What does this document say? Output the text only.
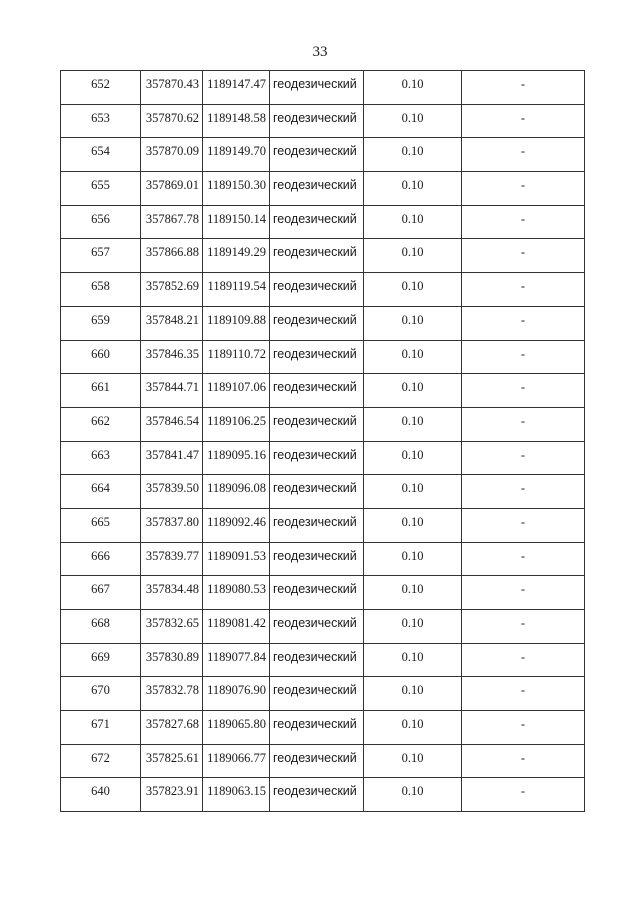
33
652	357870.43	1189147.47	геодезический	0.10	-
653	357870.62	1189148.58	геодезический	0.10	-
654	357870.09	1189149.70	геодезический	0.10	-
655	357869.01	1189150.30	геодезический	0.10	-
656	357867.78	1189150.14	геодезический	0.10	-
657	357866.88	1189149.29	геодезический	0.10	-
658	357852.69	1189119.54	геодезический	0.10	-
659	357848.21	1189109.88	геодезический	0.10	-
660	357846.35	1189110.72	геодезический	0.10	-
661	357844.71	1189107.06	геодезический	0.10	-
662	357846.54	1189106.25	геодезический	0.10	-
663	357841.47	1189095.16	геодезический	0.10	-
664	357839.50	1189096.08	геодезический	0.10	-
665	357837.80	1189092.46	геодезический	0.10	-
666	357839.77	1189091.53	геодезический	0.10	-
667	357834.48	1189080.53	геодезический	0.10	-
668	357832.65	1189081.42	геодезический	0.10	-
669	357830.89	1189077.84	геодезический	0.10	-
670	357832.78	1189076.90	геодезический	0.10	-
671	357827.68	1189065.80	геодезический	0.10	-
672	357825.61	1189066.77	геодезический	0.10	-
640	357823.91	1189063.15	геодезический	0.10	-
